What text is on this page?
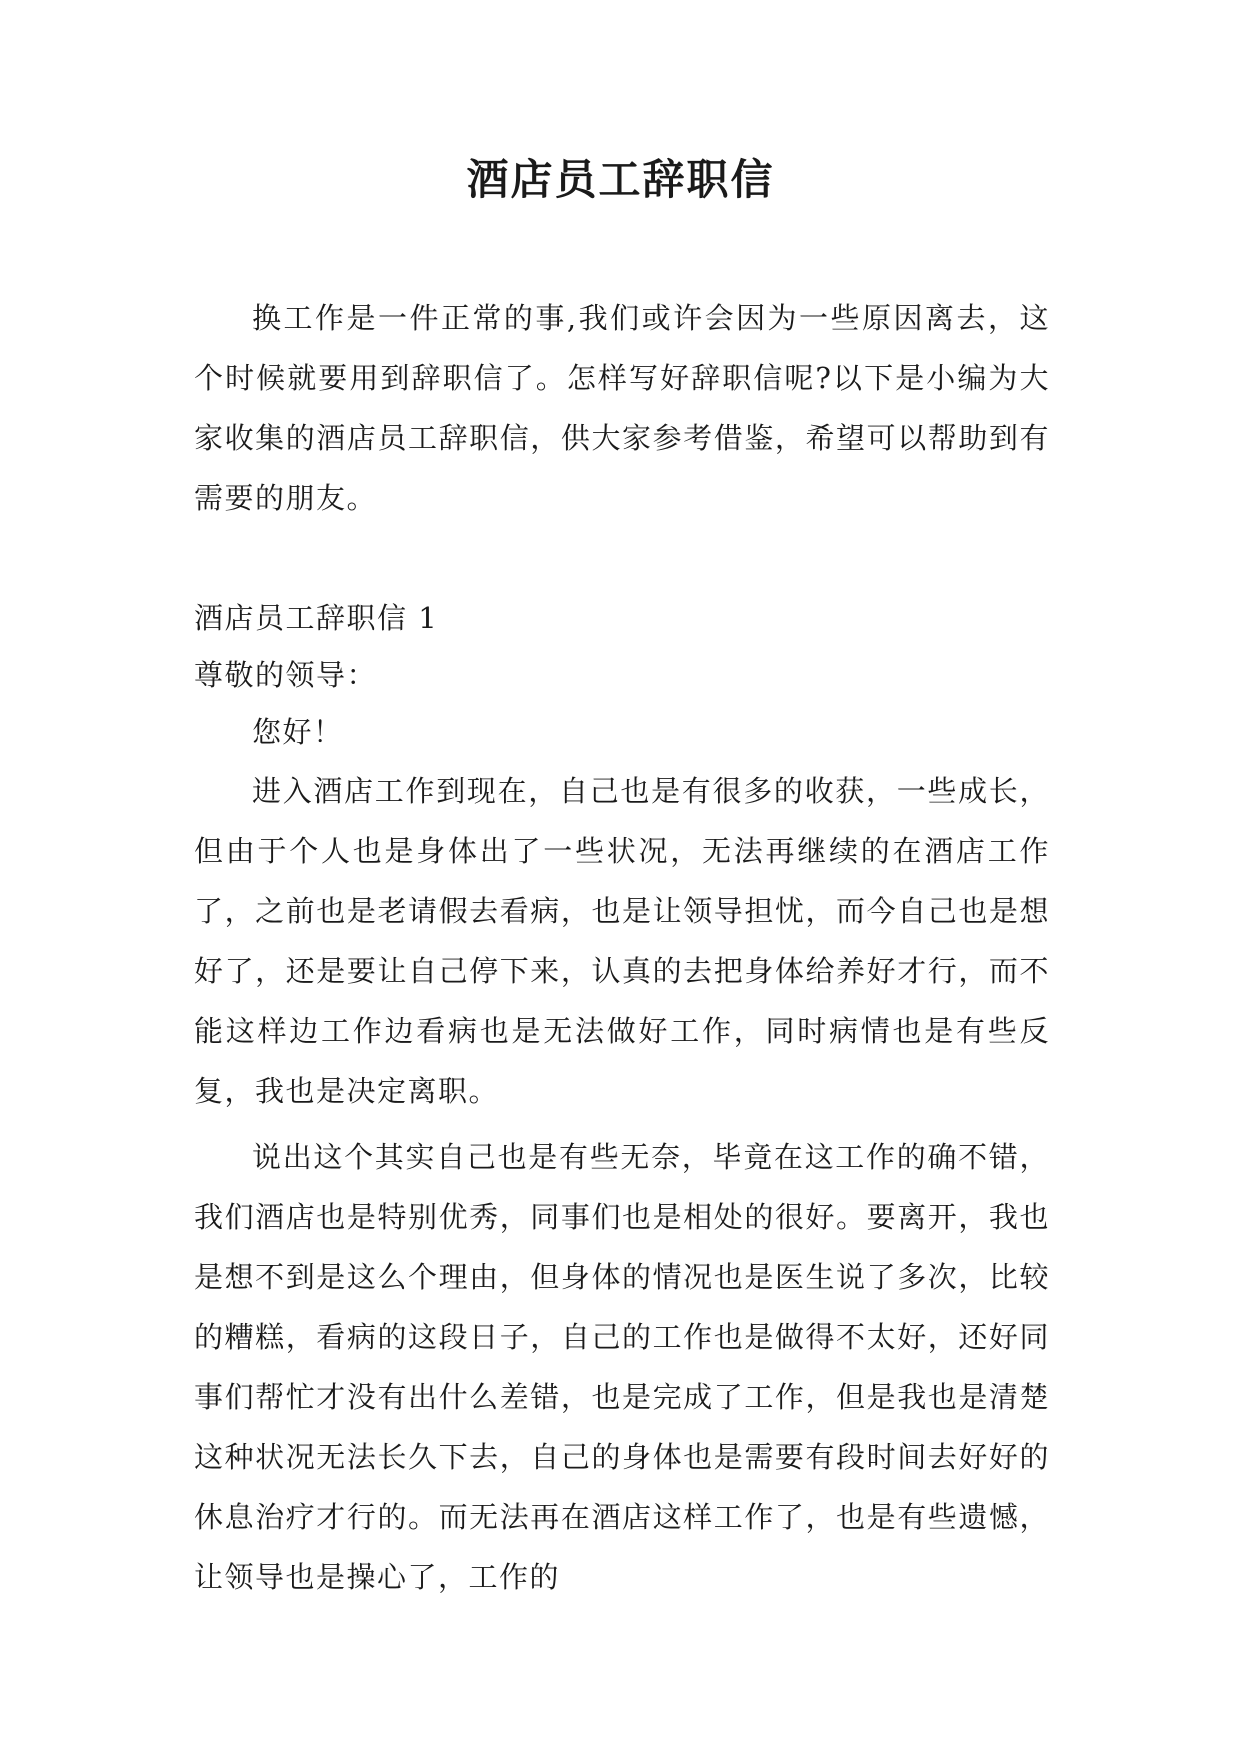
酒店员工辞职信

换工作是一件正常的事,我们或许会因为一些原因离去，这个时候就要用到辞职信了。怎样写好辞职信呢?以下是小编为大家收集的酒店员工辞职信，供大家参考借鉴，希望可以帮助到有需要的朋友。

酒店员工辞职信 1

尊敬的领导：

您好！

进入酒店工作到现在，自己也是有很多的收获，一些成长，但由于个人也是身体出了一些状况，无法再继续的在酒店工作了，之前也是老请假去看病，也是让领导担忧，而今自己也是想好了，还是要让自己停下来，认真的去把身体给养好才行，而不能这样边工作边看病也是无法做好工作，同时病情也是有些反复，我也是决定离职。

说出这个其实自己也是有些无奈，毕竟在这工作的确不错，我们酒店也是特别优秀，同事们也是相处的很好。要离开，我也是想不到是这么个理由，但身体的情况也是医生说了多次，比较的糟糕，看病的这段日子，自己的工作也是做得不太好，还好同事们帮忙才没有出什么差错，也是完成了工作，但是我也是清楚这种状况无法长久下去，自己的身体也是需要有段时间去好好的休息治疗才行的。而无法再在酒店这样工作了，也是有些遗憾，让领导也是操心了，工作的
